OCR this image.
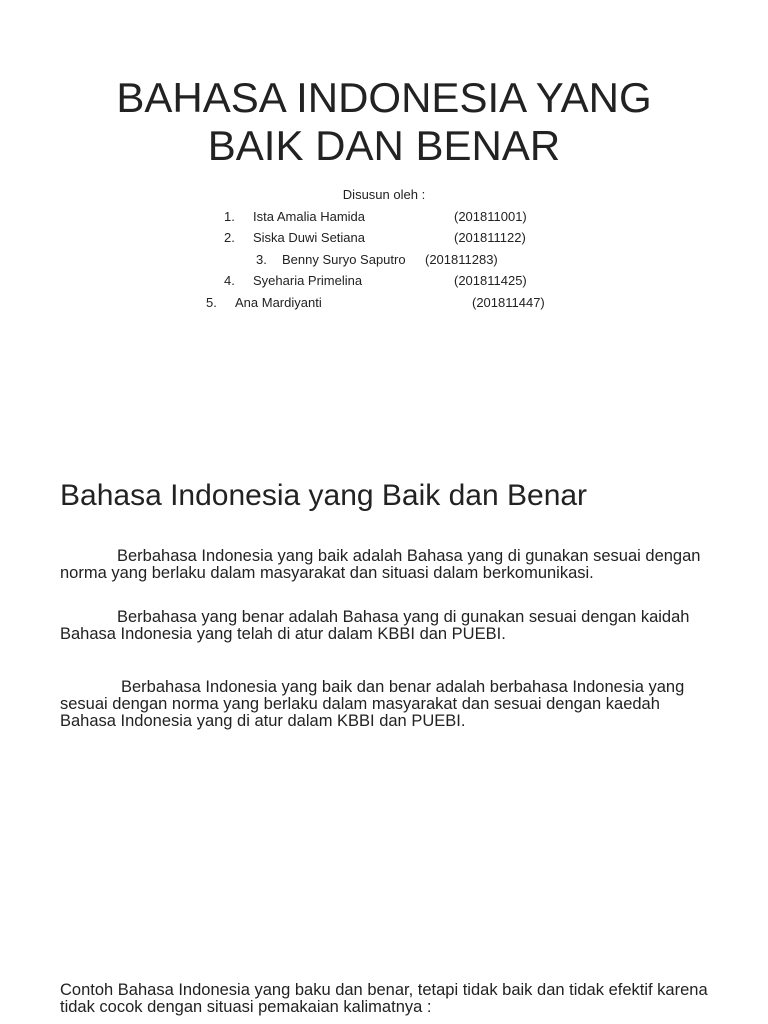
BAHASA INDONESIA YANG
BAIK DAN BENAR
Disusun oleh :
1. Ista Amalia Hamida	(201811001)
2. Siska Duwi Setiana	(201811122)
3. Benny Suryo Saputro (201811283)
4. Syeharia Primelina	(201811425)
5. Ana Mardiyanti	(201811447)
Bahasa Indonesia yang Baik dan Benar

Berbahasa Indonesia yang baik adalah Bahasa yang di gunakan sesuai dengan norma yang berlaku dalam masyarakat dan situasi dalam berkomunikasi.

Berbahasa yang benar adalah Bahasa yang di gunakan sesuai dengan kaidah Bahasa Indonesia yang telah di atur dalam KBBI dan PUEBI.

Berbahasa Indonesia yang baik dan benar adalah berbahasa Indonesia yang sesuai dengan norma yang berlaku dalam masyarakat dan sesuai dengan kaedah Bahasa Indonesia yang di atur dalam KBBI dan PUEBI.

Contoh Bahasa Indonesia yang baku dan benar, tetapi tidak baik dan tidak efektif karena tidak cocok dengan situasi pemakaian kalimatnya :
